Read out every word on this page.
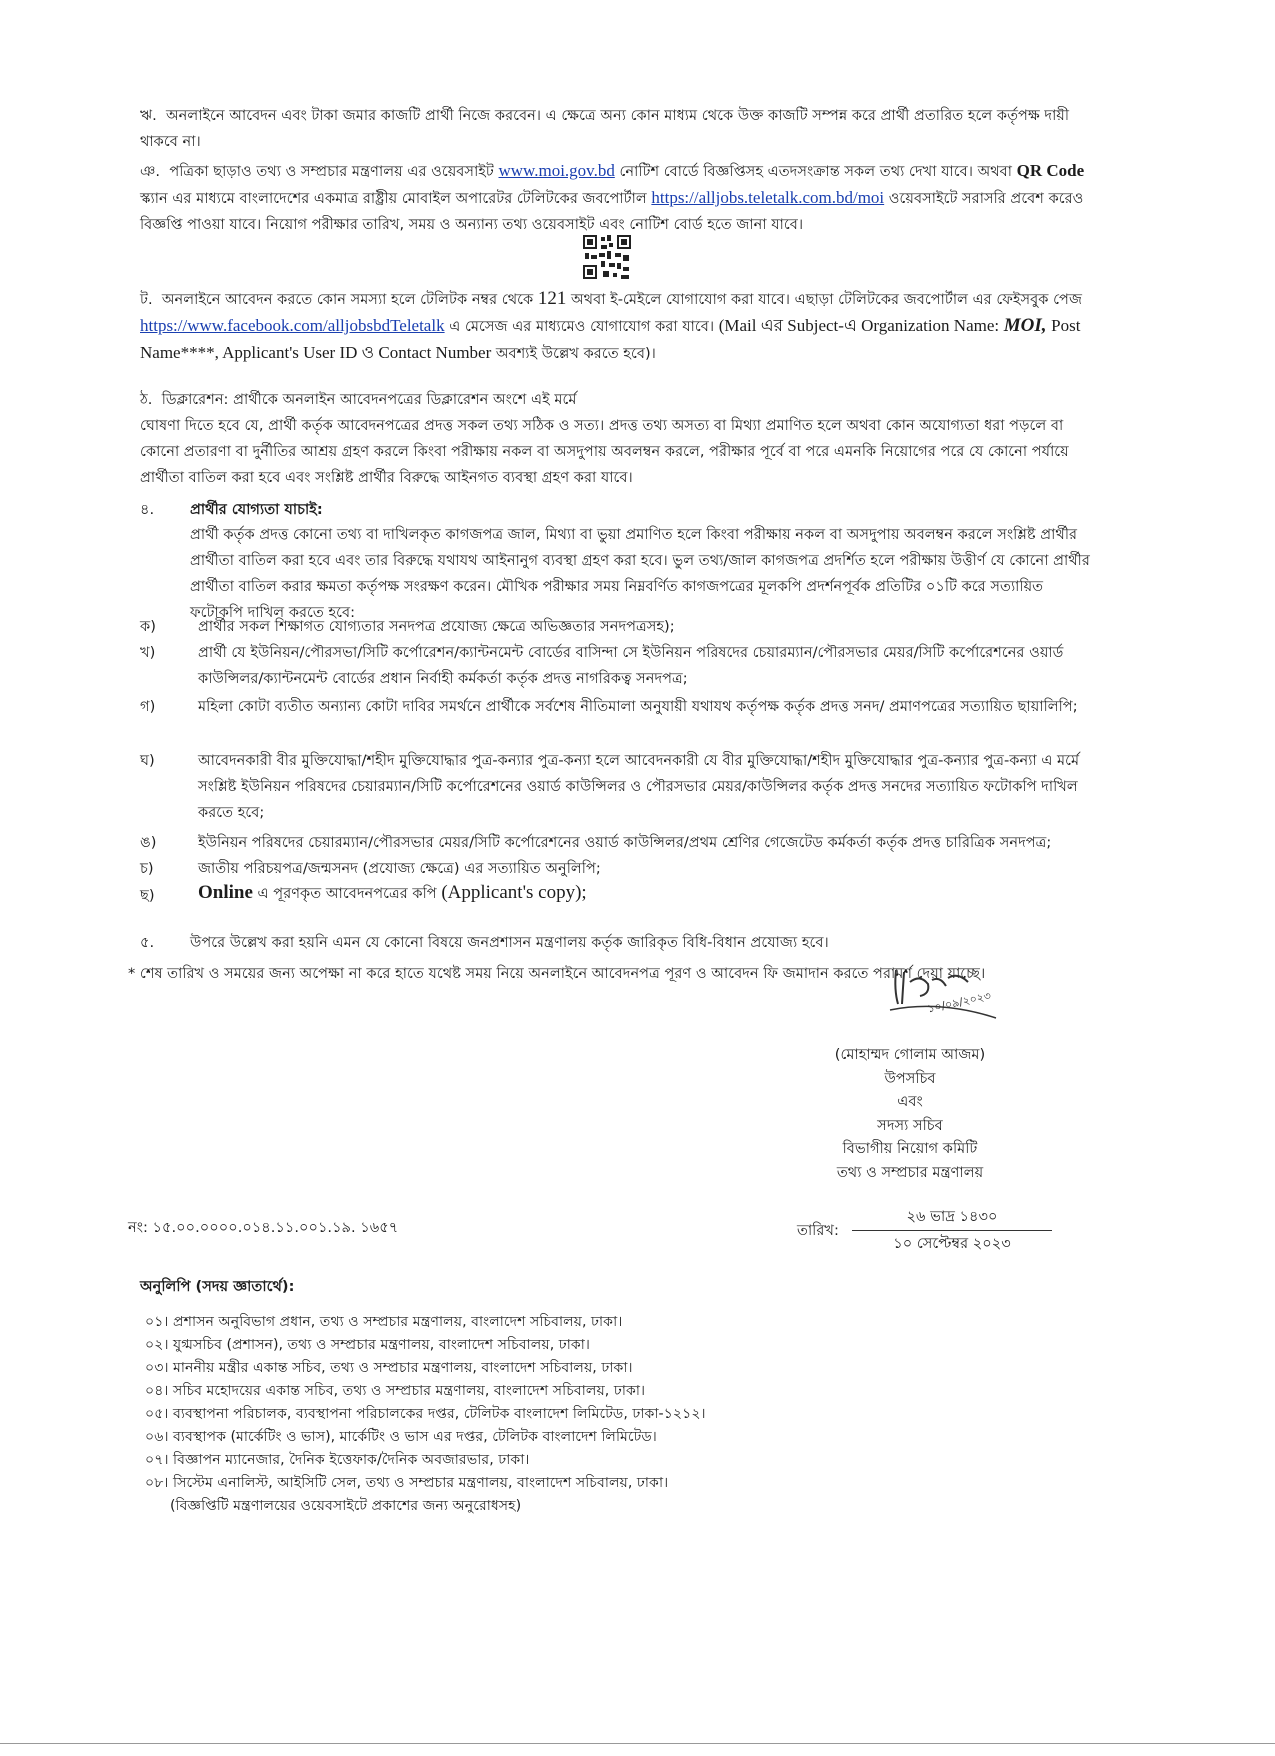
ঋ. অনলাইনে আবেদন এবং টাকা জমার কাজটি প্রার্থী নিজে করবেন। এ ক্ষেত্রে অন্য কোন মাধ্যম থেকে উক্ত কাজটি সম্পন্ন করে প্রার্থী প্রতারিত হলে কর্তৃপক্ষ দায়ী থাকবে না।
ঞ. পত্রিকা ছাড়াও তথ্য ও সম্প্রচার মন্ত্রণালয় এর ওয়েবসাইট www.moi.gov.bd নোটিশ বোর্ডে বিজ্ঞপ্তিসহ এতদসংক্রান্ত সকল তথ্য দেখা যাবে। অথবা QR Code স্ক্যান এর মাধ্যমে বাংলাদেশের একমাত্র রাষ্ট্রীয় মোবাইল অপারেটর টেলিটকের জবপোর্টাল https://alljobs.teletalk.com.bd/moi ওয়েবসাইটে সরাসরি প্রবেশ করেও বিজ্ঞপ্তি পাওয়া যাবে। নিয়োগ পরীক্ষার তারিখ, সময় ও অন্যান্য তথ্য ওয়েবসাইট এবং নোটিশ বোর্ড হতে জানা যাবে।
ট. অনলাইনে আবেদন করতে কোন সমস্যা হলে টেলিটক নম্বর থেকে 121 অথবা ই-মেইলে যোগাযোগ করা যাবে। এছাড়া টেলিটকের জবপোর্টাল এর ফেইসবুক পেজ https://www.facebook.com/alljobsbdTeletalk এ মেসেজ এর মাধ্যমেও যোগাযোগ করা যাবে। (Mail এর Subject-এ Organization Name: MOI, Post Name****, Applicant's User ID ও Contact Number অবশ্যই উল্লেখ করতে হবে)।
ঠ. ডিক্লারেশন: প্রার্থীকে অনলাইন আবেদনপত্রের ডিক্লারেশন অংশে এই মর্মে
ঘোষণা দিতে হবে যে, প্রার্থী কর্তৃক আবেদনপত্রের প্রদত্ত সকল তথ্য সঠিক ও সত্য। প্রদত্ত তথ্য অসত্য বা মিথ্যা প্রমাণিত হলে অথবা কোন অযোগ্যতা ধরা পড়লে বা কোনো প্রতারণা বা দুর্নীতির আশ্রয় গ্রহণ করলে কিংবা পরীক্ষায় নকল বা অসদুপায় অবলম্বন করলে, পরীক্ষার পূর্বে বা পরে এমনকি নিয়োগের পরে যে কোনো পর্যায়ে প্রার্থীতা বাতিল করা হবে এবং সংশ্লিষ্ট প্রার্থীর বিরুদ্ধে আইনগত ব্যবস্থা গ্রহণ করা যাবে।
৪. প্রার্থীর যোগ্যতা যাচাই:
প্রার্থী কর্তৃক প্রদত্ত কোনো তথ্য বা দাখিলকৃত কাগজপত্র জাল, মিথ্যা বা ভুয়া প্রমাণিত হলে কিংবা পরীক্ষায় নকল বা অসদুপায় অবলম্বন করলে সংশ্লিষ্ট প্রার্থীর প্রার্থীতা বাতিল করা হবে এবং তার বিরুদ্ধে যথাযথ আইনানুগ ব্যবস্থা গ্রহণ করা হবে। ভুল তথ্য/জাল কাগজপত্র প্রদর্শিত হলে পরীক্ষায় উত্তীর্ণ যে কোনো প্রার্থীর প্রার্থীতা বাতিল করার ক্ষমতা কর্তৃপক্ষ সংরক্ষণ করেন। মৌখিক পরীক্ষার সময় নিম্নবর্ণিত কাগজপত্রের মূলকপি প্রদর্শনপূর্বক প্রতিটির ০১টি করে সত্যায়িত ফটোকপি দাখিল করতে হবে:
ক)	প্রার্থীর সকল শিক্ষাগত যোগ্যতার সনদপত্র প্রযোজ্য ক্ষেত্রে অভিজ্ঞতার সনদপত্রসহ);
খ)	প্রার্থী যে ইউনিয়ন/পৌরসভা/সিটি কর্পোরেশন/ক্যান্টনমেন্ট বোর্ডের বাসিন্দা সে ইউনিয়ন পরিষদের চেয়ারম্যান/পৌরসভার মেয়র/সিটি কর্পোরেশনের ওয়ার্ড কাউন্সিলর/ক্যান্টনমেন্ট বোর্ডের প্রধান নির্বাহী কর্মকর্তা কর্তৃক প্রদত্ত নাগরিকত্ব সনদপত্র;
গ)	মহিলা কোটা ব্যতীত অন্যান্য কোটা দাবির সমর্থনে প্রার্থীকে সর্বশেষ নীতিমালা অনুযায়ী যথাযথ কর্তৃপক্ষ কর্তৃক প্রদত্ত সনদ/ প্রমাণপত্রের সত্যায়িত ছায়ালিপি;
ঘ)	আবেদনকারী বীর মুক্তিযোদ্ধা/শহীদ মুক্তিযোদ্ধার পুত্র-কন্যার পুত্র-কন্যা হলে আবেদনকারী যে বীর মুক্তিযোদ্ধা/শহীদ মুক্তিযোদ্ধার পুত্র-কন্যার পুত্র-কন্যা এ মর্মে সংশ্লিষ্ট ইউনিয়ন পরিষদের চেয়ারম্যান/সিটি কর্পোরেশনের ওয়ার্ড কাউন্সিলর ও পৌরসভার মেয়র/কাউন্সিলর কর্তৃক প্রদত্ত সনদের সত্যায়িত ফটোকপি দাখিল করতে হবে;
ঙ)	ইউনিয়ন পরিষদের চেয়ারম্যান/পৌরসভার মেয়র/সিটি কর্পোরেশনের ওয়ার্ড কাউন্সিলর/প্রথম শ্রেণির গেজেটেড কর্মকর্তা কর্তৃক প্রদত্ত চারিত্রিক সনদপত্র;
চ)	জাতীয় পরিচয়পত্র/জন্মসনদ (প্রযোজ্য ক্ষেত্রে) এর সত্যায়িত অনুলিপি;
ছ)	Online এ পূরণকৃত আবেদনপত্রের কপি (Applicant's copy);
৫. উপরে উল্লেখ করা হয়নি এমন যে কোনো বিষয়ে জনপ্রশাসন মন্ত্রণালয় কর্তৃক জারিকৃত বিধি-বিধান প্রযোজ্য হবে।
* শেষ তারিখ ও সময়ের জন্য অপেক্ষা না করে হাতে যথেষ্ট সময় নিয়ে অনলাইনে আবেদনপত্র পূরণ ও আবেদন ফি জমাদান করতে পরামর্শ দেয়া যাচ্ছে।
১০/০৯/২০২৩
(মোহাম্মদ গোলাম আজম)
উপসচিব
এবং
সদস্য সচিব
বিভাগীয় নিয়োগ কমিটি
তথ্য ও সম্প্রচার মন্ত্রণালয়
নং: ১৫.০০.০০০০.০১৪.১১.০০১.১৯. ১৬৫৭	তারিখ:
২৬ ভাদ্র ১৪৩০
১০ সেপ্টেম্বর ২০২৩
অনুলিপি (সদয় জ্ঞাতার্থে):
০১। প্রশাসন অনুবিভাগ প্রধান, তথ্য ও সম্প্রচার মন্ত্রণালয়, বাংলাদেশ সচিবালয়, ঢাকা।
০২। যুগ্মসচিব (প্রশাসন), তথ্য ও সম্প্রচার মন্ত্রণালয়, বাংলাদেশ সচিবালয়, ঢাকা।
০৩। মাননীয় মন্ত্রীর একান্ত সচিব, তথ্য ও সম্প্রচার মন্ত্রণালয়, বাংলাদেশ সচিবালয়, ঢাকা।
০৪। সচিব মহোদয়ের একান্ত সচিব, তথ্য ও সম্প্রচার মন্ত্রণালয়, বাংলাদেশ সচিবালয়, ঢাকা।
০৫। ব্যবস্থাপনা পরিচালক, ব্যবস্থাপনা পরিচালকের দপ্তর, টেলিটক বাংলাদেশ লিমিটেড, ঢাকা-১২১২।
০৬। ব্যবস্থাপক (মার্কেটিং ও ভাস), মার্কেটিং ও ভাস এর দপ্তর, টেলিটক বাংলাদেশ লিমিটেড।
০৭। বিজ্ঞাপন ম্যানেজার, দৈনিক ইত্তেফাক/দৈনিক অবজারভার, ঢাকা।
০৮। সিস্টেম এনালিস্ট, আইসিটি সেল, তথ্য ও সম্প্রচার মন্ত্রণালয়, বাংলাদেশ সচিবালয়, ঢাকা।
(বিজ্ঞপ্তিটি মন্ত্রণালয়ের ওয়েবসাইটে প্রকাশের জন্য অনুরোধসহ)
